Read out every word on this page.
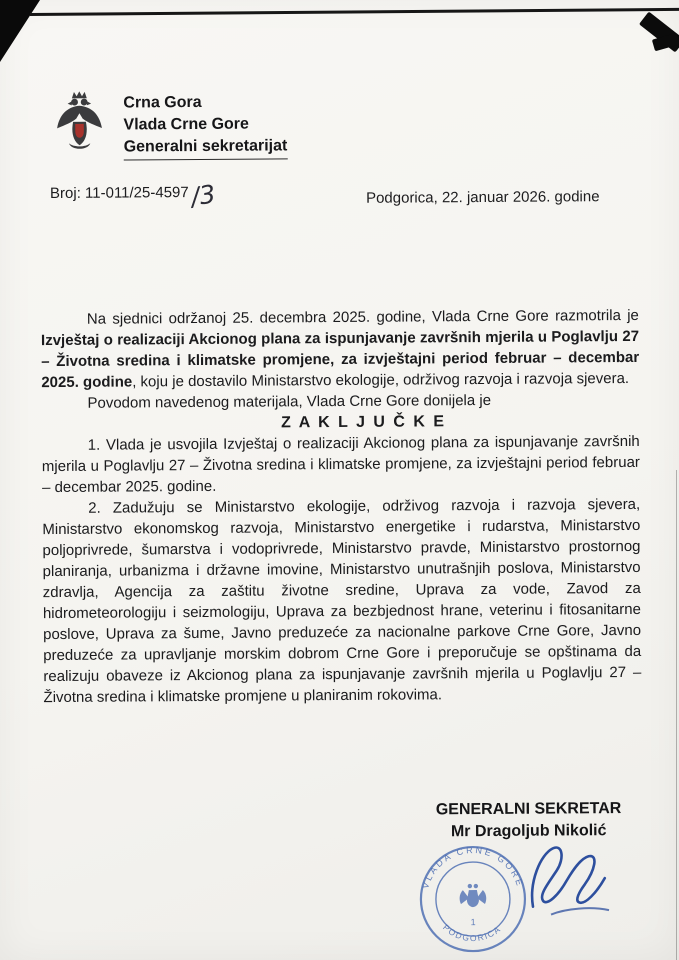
Crna Gora
Vlada Crne Gore
Generalni sekretarijat
Broj: 11-011/25-4597/3	Podgorica, 22. januar 2026. godine

Na sjednici održanoj 25. decembra 2025. godine, Vlada Crne Gore razmotrila je Izvještaj o realizaciji Akcionog plana za ispunjavanje završnih mjerila u Poglavlju 27 – Životna sredina i klimatske promjene, za izvještajni period februar – decembar 2025. godine, koju je dostavilo Ministarstvo ekologije, održivog razvoja i razvoja sjevera.

Povodom navedenog materijala, Vlada Crne Gore donijela je

Z A K L J U Č K E

1. Vlada je usvojila Izvještaj o realizaciji Akcionog plana za ispunjavanje završnih mjerila u Poglavlju 27 – Životna sredina i klimatske promjene, za izvještajni period februar – decembar 2025. godine.

2. Zadužuju se Ministarstvo ekologije, održivog razvoja i razvoja sjevera, Ministarstvo ekonomskog razvoja, Ministarstvo energetike i rudarstva, Ministarstvo poljoprivrede, šumarstva i vodoprivrede, Ministarstvo pravde, Ministarstvo prostornog planiranja, urbanizma i državne imovine, Ministarstvo unutrašnjih poslova, Ministarstvo zdravlja, Agencija za zaštitu životne sredine, Uprava za vode, Zavod za hidrometeorologiju i seizmologiju, Uprava za bezbjednost hrane, veterinu i fitosanitarne poslove, Uprava za šume, Javno preduzeće za nacionalne parkove Crne Gore, Javno preduzeće za upravljanje morskim dobrom Crne Gore i preporučuje se opštinama da realizuju obaveze iz Akcionog plana za ispunjavanje završnih mjerila u Poglavlju 27 – Životna sredina i klimatske promjene u planiranim rokovima.

GENERALNI SEKRETAR
Mr Dragoljub Nikolić
VLADA CRNE GORE
PODGORICA
1
